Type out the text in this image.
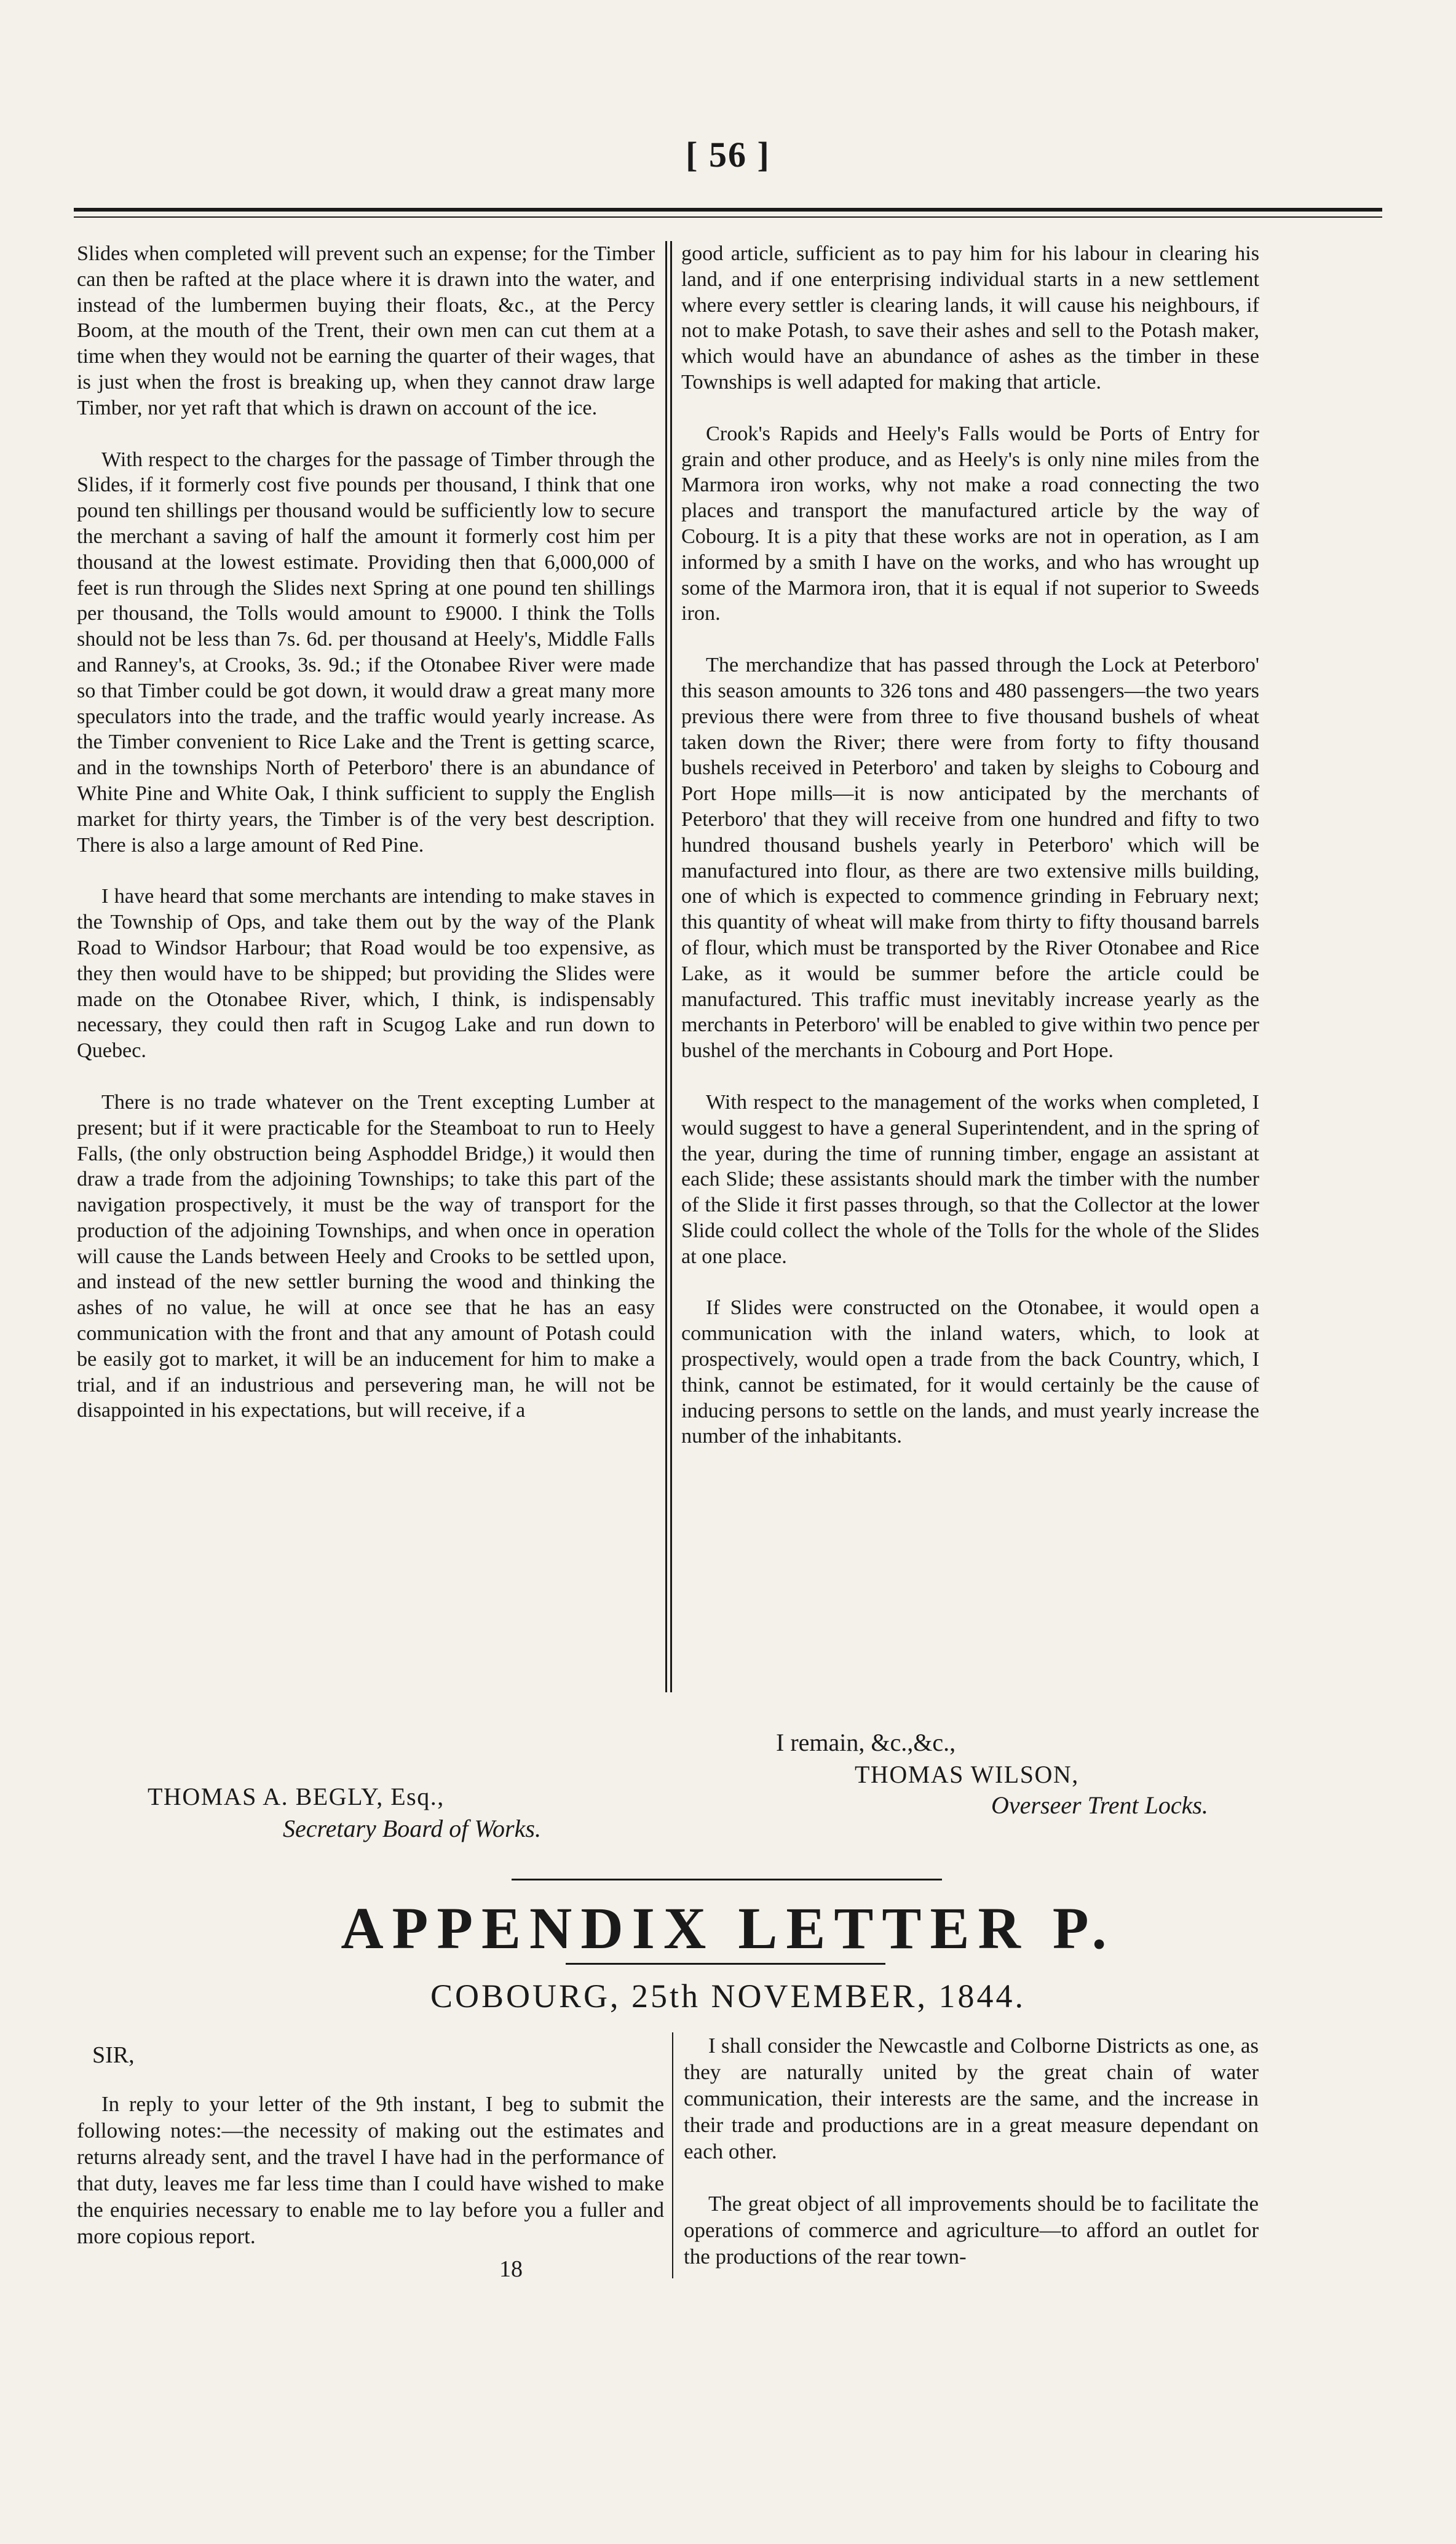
[ 56 ]

Slides when completed will prevent such an expense; for the Timber can then be rafted at the place where it is drawn into the water, and instead of the lumbermen buying their floats, &c., at the Percy Boom, at the mouth of the Trent, their own men can cut them at a time when they would not be earning the quarter of their wages, that is just when the frost is breaking up, when they cannot draw large Timber, nor yet raft that which is drawn on account of the ice.

With respect to the charges for the passage of Timber through the Slides, if it formerly cost five pounds per thousand, I think that one pound ten shillings per thousand would be sufficiently low to secure the merchant a saving of half the amount it formerly cost him per thousand at the lowest estimate. Providing then that 6,000,000 of feet is run through the Slides next Spring at one pound ten shillings per thousand, the Tolls would amount to £9000. I think the Tolls should not be less than 7s. 6d. per thousand at Heely's, Middle Falls and Ranney's, at Crooks, 3s. 9d.; if the Otonabee River were made so that Timber could be got down, it would draw a great many more speculators into the trade, and the traffic would yearly increase. As the Timber convenient to Rice Lake and the Trent is getting scarce, and in the townships North of Peterboro' there is an abundance of White Pine and White Oak, I think sufficient to supply the English market for thirty years, the Timber is of the very best description. There is also a large amount of Red Pine.

I have heard that some merchants are intending to make staves in the Township of Ops, and take them out by the way of the Plank Road to Windsor Harbour; that Road would be too expensive, as they then would have to be shipped; but providing the Slides were made on the Otonabee River, which, I think, is indispensably necessary, they could then raft in Scugog Lake and run down to Quebec.

There is no trade whatever on the Trent excepting Lumber at present; but if it were practicable for the Steamboat to run to Heely Falls, (the only obstruction being Asphoddel Bridge,) it would then draw a trade from the adjoining Townships; to take this part of the navigation prospectively, it must be the way of transport for the production of the adjoining Townships, and when once in operation will cause the Lands between Heely and Crooks to be settled upon, and instead of the new settler burning the wood and thinking the ashes of no value, he will at once see that he has an easy communication with the front and that any amount of Potash could be easily got to market, it will be an inducement for him to make a trial, and if an industrious and persevering man, he will not be disappointed in his expectations, but will receive, if a

good article, sufficient as to pay him for his labour in clearing his land, and if one enterprising individual starts in a new settlement where every settler is clearing lands, it will cause his neighbours, if not to make Potash, to save their ashes and sell to the Potash maker, which would have an abundance of ashes as the timber in these Townships is well adapted for making that article.

Crook's Rapids and Heely's Falls would be Ports of Entry for grain and other produce, and as Heely's is only nine miles from the Marmora iron works, why not make a road connecting the two places and transport the manufactured article by the way of Cobourg. It is a pity that these works are not in operation, as I am informed by a smith I have on the works, and who has wrought up some of the Marmora iron, that it is equal if not superior to Sweeds iron.

The merchandize that has passed through the Lock at Peterboro' this season amounts to 326 tons and 480 passengers—the two years previous there were from three to five thousand bushels of wheat taken down the River; there were from forty to fifty thousand bushels received in Peterboro' and taken by sleighs to Cobourg and Port Hope mills—it is now anticipated by the merchants of Peterboro' that they will receive from one hundred and fifty to two hundred thousand bushels yearly in Peterboro' which will be manufactured into flour, as there are two extensive mills building, one of which is expected to commence grinding in February next; this quantity of wheat will make from thirty to fifty thousand barrels of flour, which must be transported by the River Otonabee and Rice Lake, as it would be summer before the article could be manufactured. This traffic must inevitably increase yearly as the merchants in Peterboro' will be enabled to give within two pence per bushel of the merchants in Cobourg and Port Hope.

With respect to the management of the works when completed, I would suggest to have a general Superintendent, and in the spring of the year, during the time of running timber, engage an assistant at each Slide; these assistants should mark the timber with the number of the Slide it first passes through, so that the Collector at the lower Slide could collect the whole of the Tolls for the whole of the Slides at one place.

If Slides were constructed on the Otonabee, it would open a communication with the inland waters, which, to look at prospectively, would open a trade from the back Country, which, I think, cannot be estimated, for it would certainly be the cause of inducing persons to settle on the lands, and must yearly increase the number of the inhabitants.

I remain, &c.,&c.,
THOMAS WILSON,
Overseer Trent Locks.
THOMAS A. BEGLY, Esq.,
Secretary Board of Works.
APPENDIX LETTER P.
COBOURG, 25th NOVEMBER, 1844.
SIR,

In reply to your letter of the 9th instant, I beg to submit the following notes:—the necessity of making out the estimates and returns already sent, and the travel I have had in the performance of that duty, leaves me far less time than I could have wished to make the enquiries necessary to enable me to lay before you a fuller and more copious report.

I shall consider the Newcastle and Colborne Districts as one, as they are naturally united by the great chain of water communication, their interests are the same, and the increase in their trade and productions are in a great measure dependant on each other.

The great object of all improvements should be to facilitate the operations of commerce and agriculture—to afford an outlet for the productions of the rear town-

18
